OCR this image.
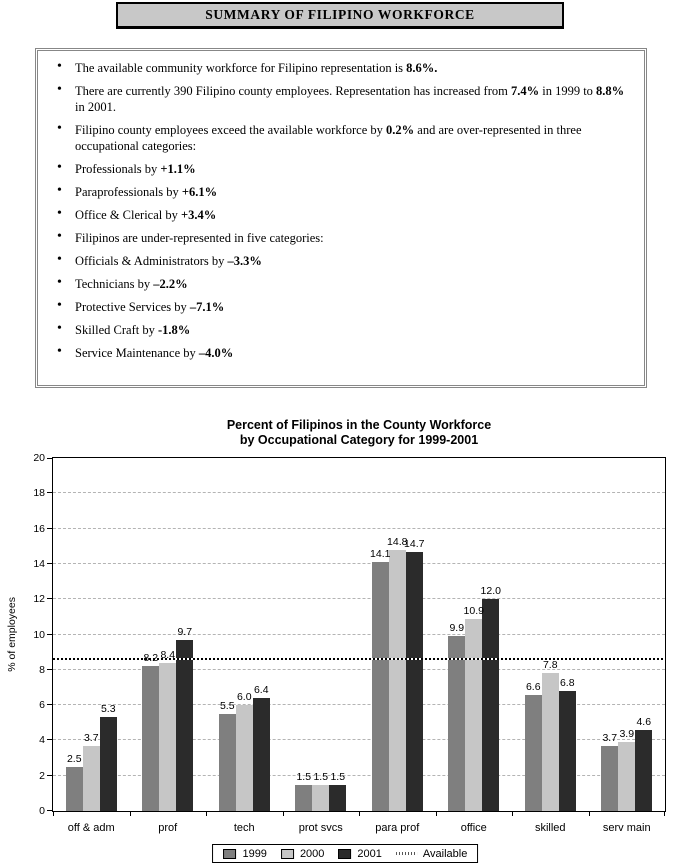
SUMMARY OF FILIPINO WORKFORCE
• The available community workforce for Filipino representation is 8.6%.
• There are currently 390 Filipino county employees. Representation has increased from 7.4% in 1999 to 8.8% in 2001.
• Filipino county employees exceed the available workforce by 0.2% and are over-represented in three occupational categories:
• Professionals by +1.1%
• Paraprofessionals by +6.1%
• Office & Clerical by +3.4%
• Filipinos are under-represented in five categories:
• Officials & Administrators by –3.3%
• Technicians by –2.2%
• Protective Services by –7.1%
• Skilled Craft by -1.8%
• Service Maintenance by –4.0%
Percent of Filipinos in the County Workforce
by Occupational Category for 1999-2001
% of employees
0
2
4
6
8
10
12
14
16
18
20
2.5
3.7
5.3
off & adm
8.2 8.4
9.7
prof
5.5
6.0
6.4
tech
1.5 1.5 1.5
prot svcs
14.1
14.8
14.7
para prof
9.9
10.9
12.0
office
6.6
7.8
6.8
skilled
3.7 3.9
4.6
serv main
1999	2000	2001	Available
